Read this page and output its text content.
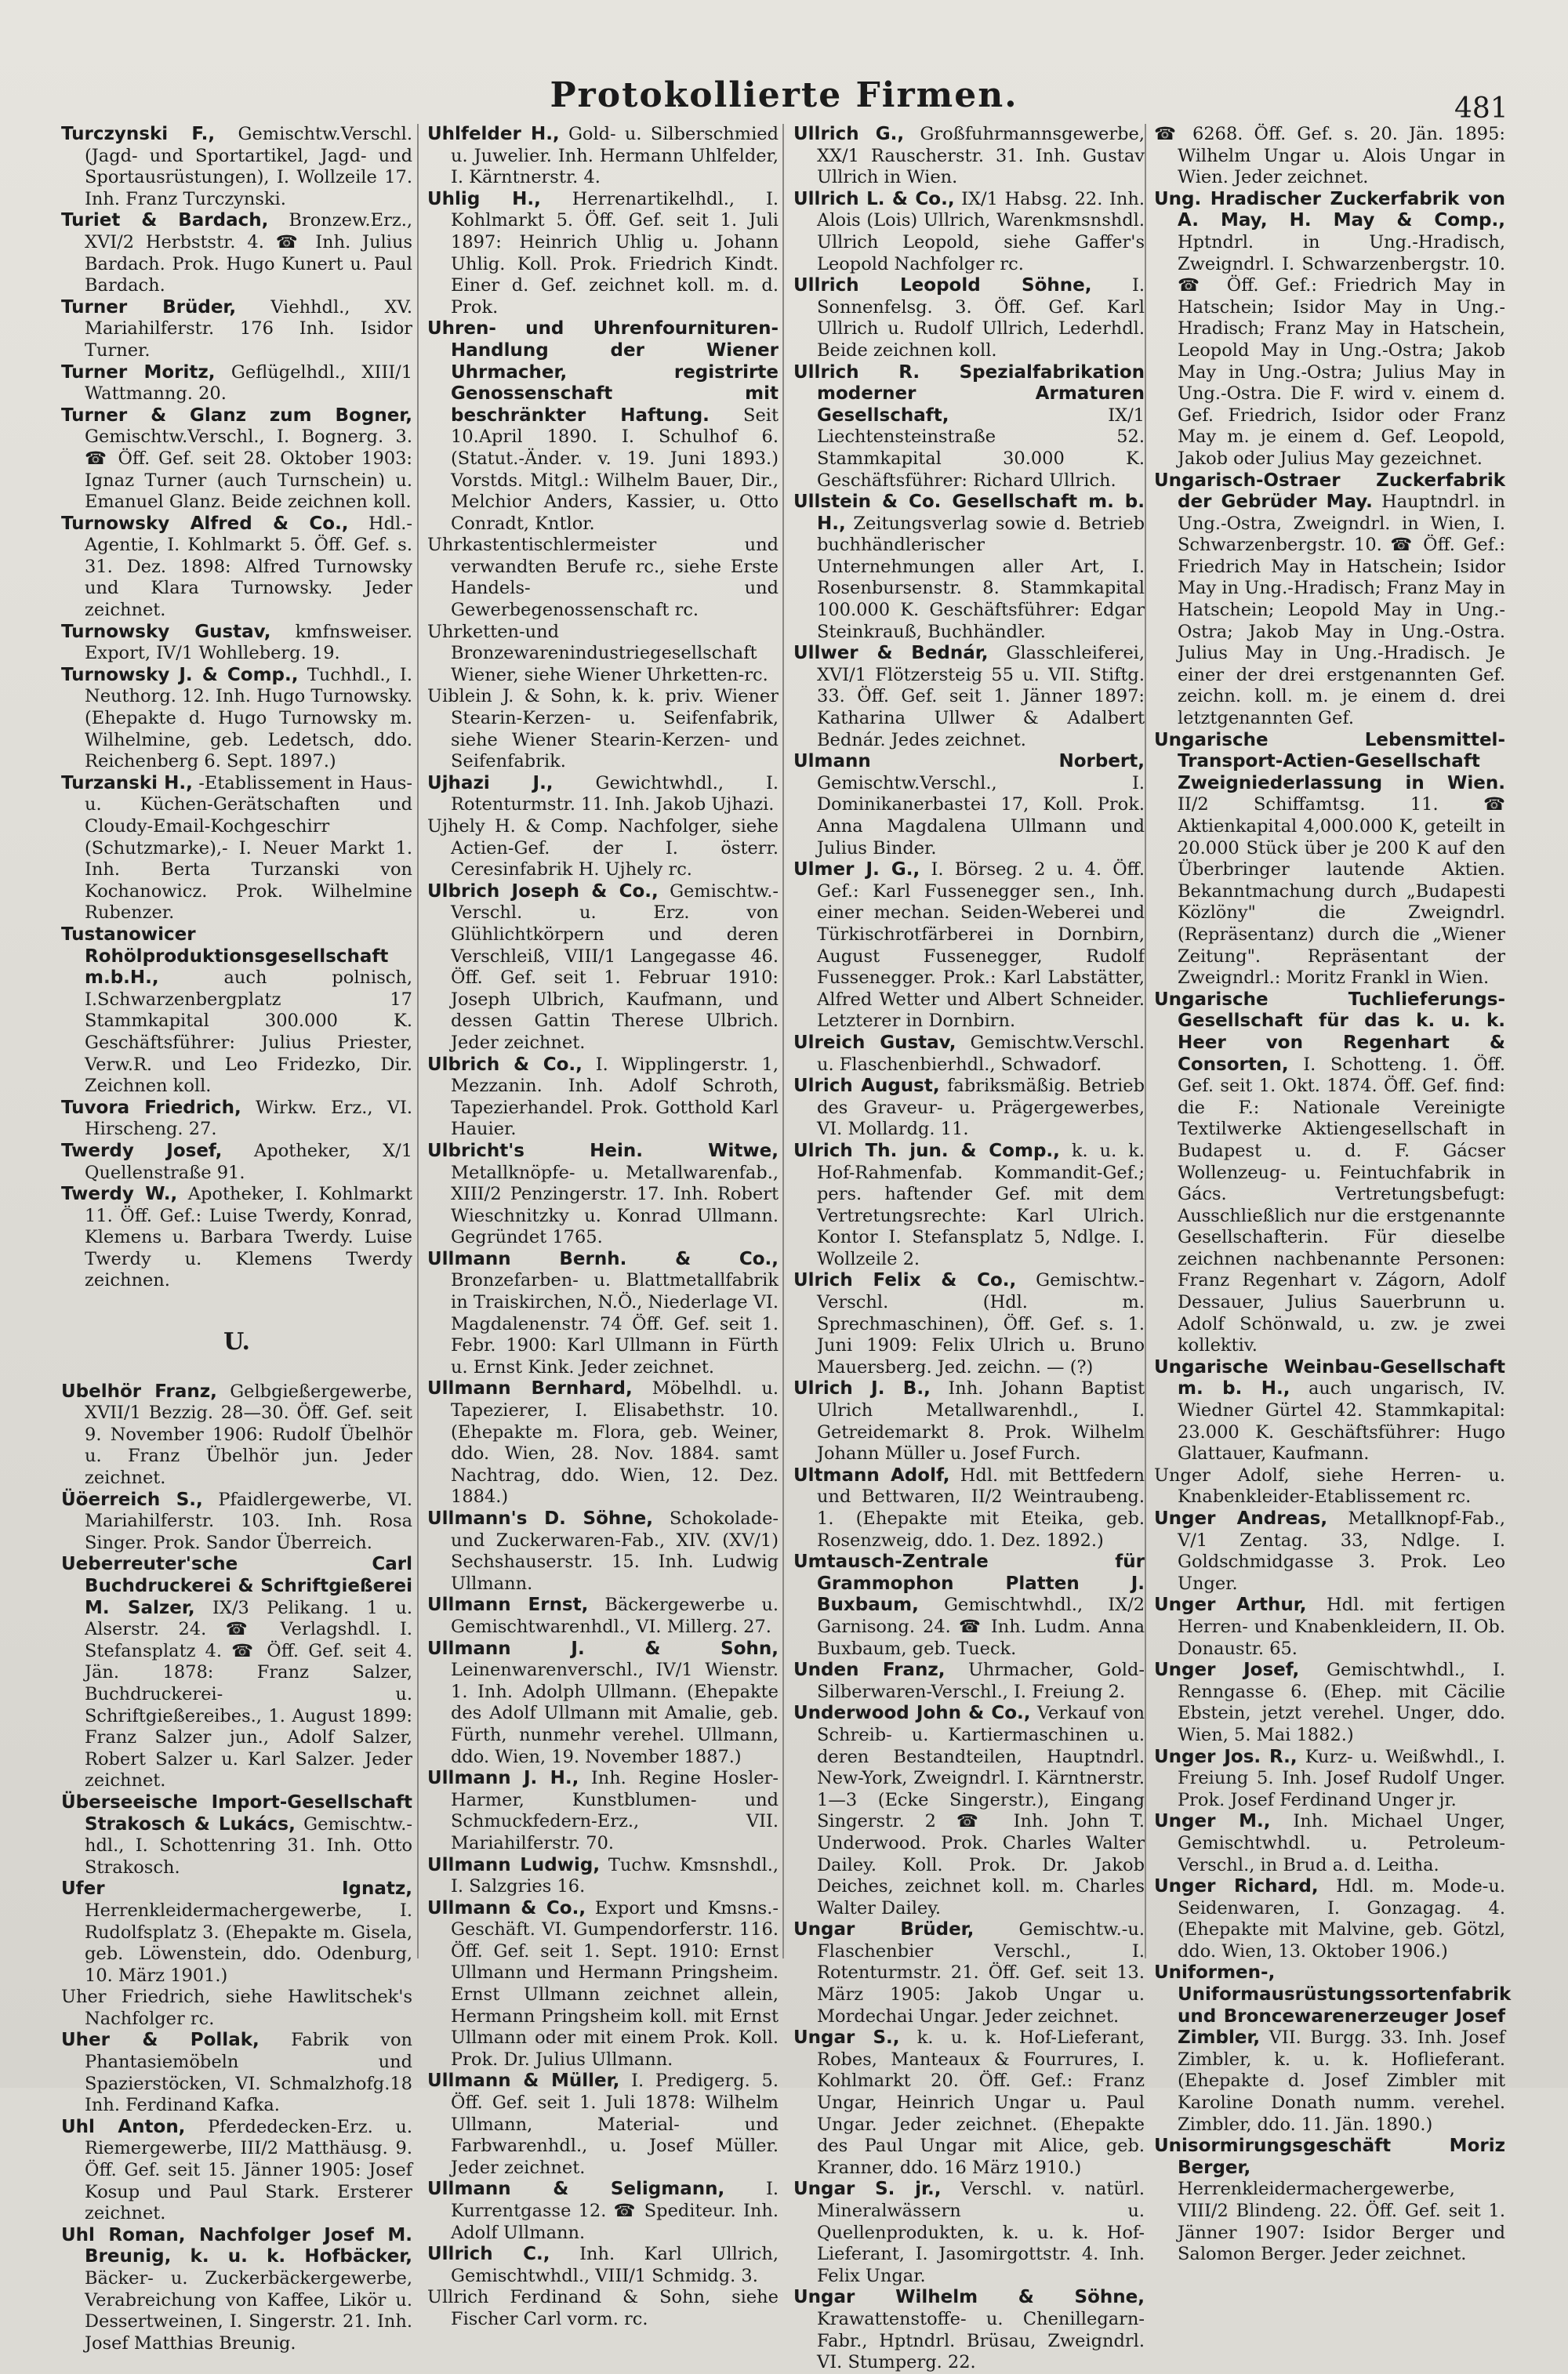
Protokollierte Firmen.	481

Turczynski F., Gemischtw.Verschl. (Jagd- und Sportartikel, Jagd- und Sportausrüstungen), I. Wollzeile 17. Inh. Franz Turczynski.

Turiet & Bardach, Bronzew.Erz., XVI/2 Herbststr. 4. ☎ Inh. Julius Bardach. Prok. Hugo Kunert u. Paul Bardach.

Turner Brüder, Viehhdl., XV. Mariahilferstr. 176 Inh. Isidor Turner.

Turner Moritz, Geflügelhdl., XIII/1 Wattmanng. 20.

Turner & Glanz zum Bogner, Gemischtw.Verschl., I. Bognerg. 3. ☎ Öff. Gef. seit 28. Oktober 1903: Ignaz Turner (auch Turnschein) u. Emanuel Glanz. Beide zeichnen koll.

Turnowsky Alfred & Co., Hdl.-Agentie, I. Kohlmarkt 5. Öff. Gef. s. 31. Dez. 1898: Alfred Turnowsky und Klara Turnowsky. Jeder zeichnet.

Turnowsky Gustav, kmfnsweiser. Export, IV/1 Wohlleberg. 19.

Turnowsky J. & Comp., Tuchhdl., I. Neuthorg. 12. Inh. Hugo Turnowsky. (Ehepakte d. Hugo Turnowsky m. Wilhelmine, geb. Ledetsch, ddo. Reichenberg 6. Sept. 1897.)

Turzanski H., -Etablissement in Haus-u. Küchen-Gerätschaften und Cloudy-Email-Kochgeschirr (Schutzmarke),- I. Neuer Markt 1. Inh. Berta Turzanski von Kochanowicz. Prok. Wilhelmine Rubenzer.

Tustanowicer Rohölproduktionsgesellschaft m.b.H.,	auch polnisch, I.Schwarzenbergplatz 17 Stammkapital 300.000 K. Geschäftsführer: Julius Priester, Verw.R. und Leo Fridezko, Dir. Zeichnen koll.

Tuvora Friedrich, Wirkw. Erz., VI. Hirscheng. 27.

Twerdy Josef, Apotheker, X/1 Quellenstraße 91.

Twerdy W., Apotheker, I. Kohlmarkt 11. Öff. Gef.: Luise Twerdy, Konrad, Klemens u. Barbara Twerdy. Luise Twerdy u. Klemens Twerdy zeichnen.

U.

Ubelhör Franz, Gelbgießergewerbe, XVII/1 Bezzig. 28—30. Öff. Gef. seit 9. November 1906: Rudolf Übelhör u. Franz Übelhör jun. Jeder zeichnet.

Üöerreich S., Pfaidlergewerbe, VI. Mariahilferstr. 103. Inh. Rosa Singer. Prok. Sandor Überreich.

Ueberreuter'sche Carl Buchdruckerei & Schriftgießerei M. Salzer, IX/3 Pelikang. 1 u. Alserstr. 24. ☎ Verlagshdl. I. Stefansplatz 4. ☎ Öff. Gef. seit 4. Jän. 1878: Franz Salzer, Buchdruckerei- u. Schriftgießereibes., 1. August 1899: Franz Salzer jun., Adolf Salzer, Robert Salzer u. Karl Salzer. Jeder zeichnet.

Überseeische Import-Gesellschaft Strakosch & Lukács, Gemischtw.-hdl., I. Schottenring 31. Inh. Otto Strakosch.

Ufer Ignatz, Herrenkleidermachergewerbe, I. Rudolfsplatz 3. (Ehepakte m. Gisela, geb. Löwenstein, ddo. Odenburg, 10. März 1901.)

Uher Friedrich, siehe Hawlitschek's Nachfolger rc.

Uher & Pollak, Fabrik von Phantasiemöbeln und Spazierstöcken, VI. Schmalzhofg.18 Inh. Ferdinand Kafka.

Uhl Anton, Pferdedecken-Erz. u. Riemergewerbe, III/2 Matthäusg. 9. Öff. Gef. seit 15. Jänner 1905: Josef Kosup und Paul Stark. Ersterer zeichnet.

Uhl Roman, Nachfolger Josef M. Breunig, k. u. k. Hofbäcker, Bäcker- u. Zuckerbäckergewerbe, Verabreichung von Kaffee, Likör u. Dessertweinen, I. Singerstr. 21. Inh. Josef Matthias Breunig.

Uhlfelder H., Gold- u. Silberschmied u. Juwelier. Inh. Hermann Uhlfelder, I. Kärntnerstr. 4.

Uhlig H., Herrenartikelhdl., I. Kohlmarkt 5. Öff. Gef. seit 1. Juli 1897: Heinrich Uhlig u. Johann Uhlig. Koll. Prok. Friedrich Kindt. Einer d. Gef. zeichnet koll. m. d. Prok.

Uhren- und Uhrenfournituren-Handlung der Wiener Uhrmacher, registrirte Genossenschaft mit beschränkter Haftung. Seit 10.April 1890. I. Schulhof 6. (Statut.-Änder. v. 19. Juni 1893.) Vorstds. Mitgl.: Wilhelm Bauer, Dir., Melchior Anders, Kassier, u. Otto Conradt, Kntlor.

Uhrkastentischlermeister und verwandten Berufe rc., siehe Erste Handels- und Gewerbegenossenschaft rc.

Uhrketten-und Bronzewarenindustriegesellschaft Wiener, siehe Wiener Uhrketten-rc.

Uiblein J. & Sohn, k. k. priv. Wiener Stearin-Kerzen- u. Seifenfabrik, siehe Wiener Stearin-Kerzen- und Seifenfabrik.

Ujhazi J., Gewichtwhdl., I. Rotenturmstr. 11. Inh. Jakob Ujhazi.

Ujhely H. & Comp. Nachfolger, siehe Actien-Gef. der I. österr. Ceresinfabrik H. Ujhely rc.

Ulbrich Joseph & Co., Gemischtw.-Verschl. u. Erz. von Glühlichtkörpern und deren Verschleiß, VIII/1 Langegasse 46. Öff. Gef. seit 1. Februar 1910: Joseph Ulbrich, Kaufmann, und dessen Gattin Therese Ulbrich. Jeder zeichnet.

Ulbrich & Co., I. Wipplingerstr. 1, Mezzanin. Inh. Adolf Schroth, Tapezierhandel. Prok. Gotthold Karl Hauier.

Ulbricht's Hein. Witwe, Metallknöpfe- u. Metallwarenfab., XIII/2 Penzingerstr. 17. Inh. Robert Wieschnitzky u. Konrad Ullmann. Gegründet 1765.

Ullmann Bernh. & Co., Bronzefarben- u. Blattmetallfabrik in Traiskirchen, N.Ö., Niederlage VI. Magdalenenstr. 74 Öff. Gef. seit 1. Febr. 1900: Karl Ullmann in Fürth u. Ernst Kink. Jeder zeichnet.

Ullmann Bernhard, Möbelhdl. u. Tapezierer, I. Elisabethstr. 10. (Ehepakte m. Flora, geb. Weiner, ddo. Wien, 28. Nov. 1884. samt Nachtrag, ddo. Wien, 12. Dez. 1884.)

Ullmann's D. Söhne, Schokolade- und Zuckerwaren-Fab., XIV. (XV/1) Sechshauserstr. 15. Inh. Ludwig Ullmann.

Ullmann Ernst, Bäckergewerbe u. Gemischtwarenhdl., VI. Millerg. 27.

Ullmann J. & Sohn, Leinenwarenverschl., IV/1 Wienstr. 1. Inh. Adolph Ullmann. (Ehepakte des Adolf Ullmann mit Amalie, geb. Fürth, nunmehr verehel. Ullmann, ddo. Wien, 19. November 1887.)

Ullmann J. H., Inh. Regine Hosler-Harmer, Kunstblumen- und Schmuckfedern-Erz., VII. Mariahilferstr. 70.

Ullmann Ludwig, Tuchw. Kmsnshdl., I. Salzgries 16.

Ullmann & Co., Export und Kmsns.-Geschäft. VI. Gumpendorferstr. 116. Öff. Gef. seit 1. Sept. 1910: Ernst Ullmann und Hermann Pringsheim. Ernst Ullmann zeichnet allein, Hermann Pringsheim koll. mit Ernst Ullmann oder mit einem Prok. Koll. Prok. Dr. Julius Ullmann.

Ullmann & Müller, I. Predigerg. 5. Öff. Gef. seit 1. Juli 1878: Wilhelm Ullmann, Material- und Farbwarenhdl., u. Josef Müller. Jeder zeichnet.

Ullmann & Seligmann, I. Kurrentgasse 12. ☎ Spediteur. Inh. Adolf Ullmann.

Ullrich C., Inh. Karl Ullrich, Gemischtwhdl., VIII/1 Schmidg. 3.

Ullrich Ferdinand & Sohn, siehe Fischer Carl vorm. rc.

Ullrich G., Großfuhrmannsgewerbe, XX/1 Rauscherstr. 31. Inh. Gustav Ullrich in Wien.

Ullrich L. & Co., IX/1 Habsg. 22. Inh. Alois (Lois) Ullrich, Warenkmsnshdl. Ullrich Leopold, siehe Gaffer's Leopold Nachfolger rc.

Ullrich Leopold Söhne, I. Sonnenfelsg. 3. Öff. Gef. Karl Ullrich u. Rudolf Ullrich, Lederhdl. Beide zeichnen koll.

Ullrich R. Spezialfabrikation moderner Armaturen Gesellschaft,	IX/1 Liechtensteinstraße 52. Stammkapital 30.000 K. Geschäftsführer: Richard Ullrich.

Ullstein & Co. Gesellschaft m. b. H., Zeitungsverlag sowie d. Betrieb buchhändlerischer Unternehmungen aller Art, I. Rosenbursenstr. 8. Stammkapital 100.000 K. Geschäftsführer: Edgar Steinkrauß, Buchhändler.

Ullwer & Bednár, Glasschleiferei, XVI/1 Flötzersteig 55 u. VII. Stiftg. 33. Öff. Gef. seit 1. Jänner 1897: Katharina Ullwer & Adalbert Bednár. Jedes zeichnet.

Ulmann Norbert, Gemischtw.Verschl., I. Dominikanerbastei 17, Koll. Prok. Anna Magdalena Ullmann und Julius Binder.

Ulmer J. G., I. Börseg. 2 u. 4. Öff. Gef.: Karl Fussenegger sen., Inh. einer mechan. Seiden-Weberei und Türkischrotfärberei in Dornbirn, August Fussenegger, Rudolf Fussenegger. Prok.: Karl Labstätter, Alfred Wetter und Albert Schneider. Letzterer in Dornbirn.

Ulreich Gustav, Gemischtw.Verschl. u. Flaschenbierhdl., Schwadorf.

Ulrich August, fabriksmäßig. Betrieb des Graveur- u. Prägergewerbes, VI. Mollardg. 11.

Ulrich Th. jun. & Comp., k. u. k. Hof-Rahmenfab. Kommandit-Gef.; pers. haftender Gef. mit dem Vertretungsrechte: Karl Ulrich. Kontor I. Stefansplatz 5, Ndlge. I. Wollzeile 2.

Ulrich Felix & Co., Gemischtw.-Verschl. (Hdl. m. Sprechmaschinen), Öff. Gef. s. 1. Juni 1909: Felix Ulrich u. Bruno Mauersberg. Jed. zeichn. — (?)

Ulrich J. B., Inh. Johann Baptist Ulrich Metallwarenhdl., I. Getreidemarkt 8. Prok. Wilhelm Johann Müller u. Josef Furch.

Ultmann Adolf, Hdl. mit Bettfedern und Bettwaren, II/2 Weintraubeng. 1. (Ehepakte mit Eteika, geb. Rosenzweig, ddo. 1. Dez. 1892.)

Umtausch-Zentrale für Grammophon Platten J. Buxbaum, Gemischtwhdl., IX/2 Garnisong. 24. ☎ Inh. Ludm. Anna Buxbaum, geb. Tueck.

Unden Franz, Uhrmacher, Gold-Silberwaren-Verschl., I. Freiung 2.

Underwood John & Co., Verkauf von Schreib- u. Kartiermaschinen u. deren Bestandteilen, Hauptndrl. New-York, Zweigndrl. I. Kärntnerstr. 1—3 (Ecke Singerstr.), Eingang Singerstr. 2 ☎ Inh. John T. Underwood. Prok. Charles Walter Dailey. Koll. Prok. Dr. Jakob Deiches, zeichnet koll. m. Charles Walter Dailey.

Ungar Brüder,	Gemischtw.-u. Flaschenbier Verschl., I. Rotenturmstr. 21. Öff. Gef. seit 13. März 1905: Jakob Ungar u. Mordechai Ungar. Jeder zeichnet.

Ungar S., k. u. k. Hof-Lieferant, Robes, Manteaux & Fourrures, I. Kohlmarkt 20. Öff. Gef.: Franz Ungar, Heinrich Ungar u. Paul Ungar. Jeder zeichnet. (Ehepakte des Paul Ungar mit Alice, geb. Kranner, ddo. 16 März 1910.)

Ungar S. jr., Verschl. v. natürl. Mineralwässern u. Quellenprodukten, k. u. k. Hof-Lieferant, I. Jasomirgottstr. 4. Inh. Felix Ungar.

Ungar Wilhelm & Söhne, Krawattenstoffe- u. Chenillegarn-Fabr., Hptndrl. Brüsau, Zweigndrl. VI. Stumperg. 22.

☎ 6268. Öff. Gef. s. 20. Jän. 1895: Wilhelm Ungar u. Alois Ungar in Wien. Jeder zeichnet.

Ung. Hradischer Zuckerfabrik von A. May, H. May & Comp., Hptndrl. in Ung.-Hradisch, Zweigndrl. I. Schwarzenbergstr. 10. ☎ Öff. Gef.: Friedrich May in Hatschein; Isidor May in Ung.-Hradisch; Franz May in Hatschein, Leopold May in Ung.-Ostra; Jakob May in Ung.-Ostra; Julius May in Ung.-Ostra. Die F. wird v. einem d. Gef. Friedrich, Isidor oder Franz May m. je einem d. Gef. Leopold, Jakob oder Julius May gezeichnet.

Ungarisch-Ostraer Zuckerfabrik der Gebrüder May. Hauptndrl. in Ung.-Ostra, Zweigndrl. in Wien, I. Schwarzenbergstr. 10. ☎ Öff. Gef.: Friedrich May in Hatschein; Isidor May in Ung.-Hradisch; Franz May in Hatschein; Leopold May in Ung.-Ostra; Jakob May in Ung.-Ostra. Julius May in Ung.-Hradisch. Je einer der drei erstgenannten Gef. zeichn. koll. m. je einem d. drei letztgenannten Gef.

Ungarische Lebensmittel-Transport-Actien-Gesellschaft Zweigniederlassung in Wien. II/2 Schiffamtsg. 11. ☎ Aktienkapital 4,000.000 K, geteilt in 20.000 Stück über je 200 K auf den Überbringer lautende Aktien. Bekanntmachung durch „Budapesti Közlöny" die Zweigndrl. (Repräsentanz) durch die „Wiener Zeitung". Repräsentant der Zweigndrl.: Moritz Frankl in Wien.

Ungarische Tuchlieferungs-Gesellschaft für das k. u. k. Heer von Regenhart & Consorten, I. Schotteng. 1. Öff. Gef. seit 1. Okt. 1874. Öff. Gef. find: die F.: Nationale Vereinigte Textilwerke Aktiengesellschaft in Budapest u. d. F. Gácser Wollenzeug- u. Feintuchfabrik in Gács. Vertretungsbefugt: Ausschließlich nur die erstgenannte Gesellschafterin. Für dieselbe zeichnen nachbenannte Personen: Franz Regenhart v. Zágorn, Adolf Dessauer, Julius Sauerbrunn u. Adolf Schönwald, u. zw. je zwei kollektiv.

Ungarische Weinbau-Gesellschaft m. b. H., auch ungarisch, IV. Wiedner Gürtel 42. Stammkapital: 23.000 K. Geschäftsführer: Hugo Glattauer, Kaufmann.

Unger Adolf, siehe Herren- u. Knabenkleider-Etablissement rc.

Unger Andreas, Metallknopf-Fab., V/1 Zentag. 33, Ndlge. I. Goldschmidgasse 3. Prok. Leo Unger.

Unger Arthur, Hdl. mit fertigen Herren- und Knabenkleidern, II. Ob. Donaustr. 65.

Unger Josef, Gemischtwhdl., I. Renngasse 6. (Ehep. mit Cäcilie Ebstein, jetzt verehel. Unger, ddo. Wien, 5. Mai 1882.)

Unger Jos. R., Kurz- u. Weißwhdl., I. Freiung 5. Inh. Josef Rudolf Unger. Prok. Josef Ferdinand Unger jr.

Unger M., Inh. Michael Unger, Gemischtwhdl. u. Petroleum-Verschl., in Brud a. d. Leitha.

Unger Richard, Hdl. m. Mode-u. Seidenwaren, I. Gonzagag. 4. (Ehepakte mit Malvine, geb. Götzl, ddo. Wien, 13. Oktober 1906.)

Uniformen-, Uniformausrüstungssortenfabrik und Broncewarenerzeuger Josef Zimbler, VII. Burgg. 33. Inh. Josef Zimbler, k. u. k. Hoflieferant. (Ehepakte d. Josef Zimbler mit Karoline Donath numm. verehel. Zimbler, ddo. 11. Jän. 1890.)

Unisormirungsgeschäft Moriz Berger, Herrenkleidermachergewerbe, VIII/2 Blindeng. 22. Öff. Gef. seit 1. Jänner 1907: Isidor Berger und Salomon Berger. Jeder zeichnet.
